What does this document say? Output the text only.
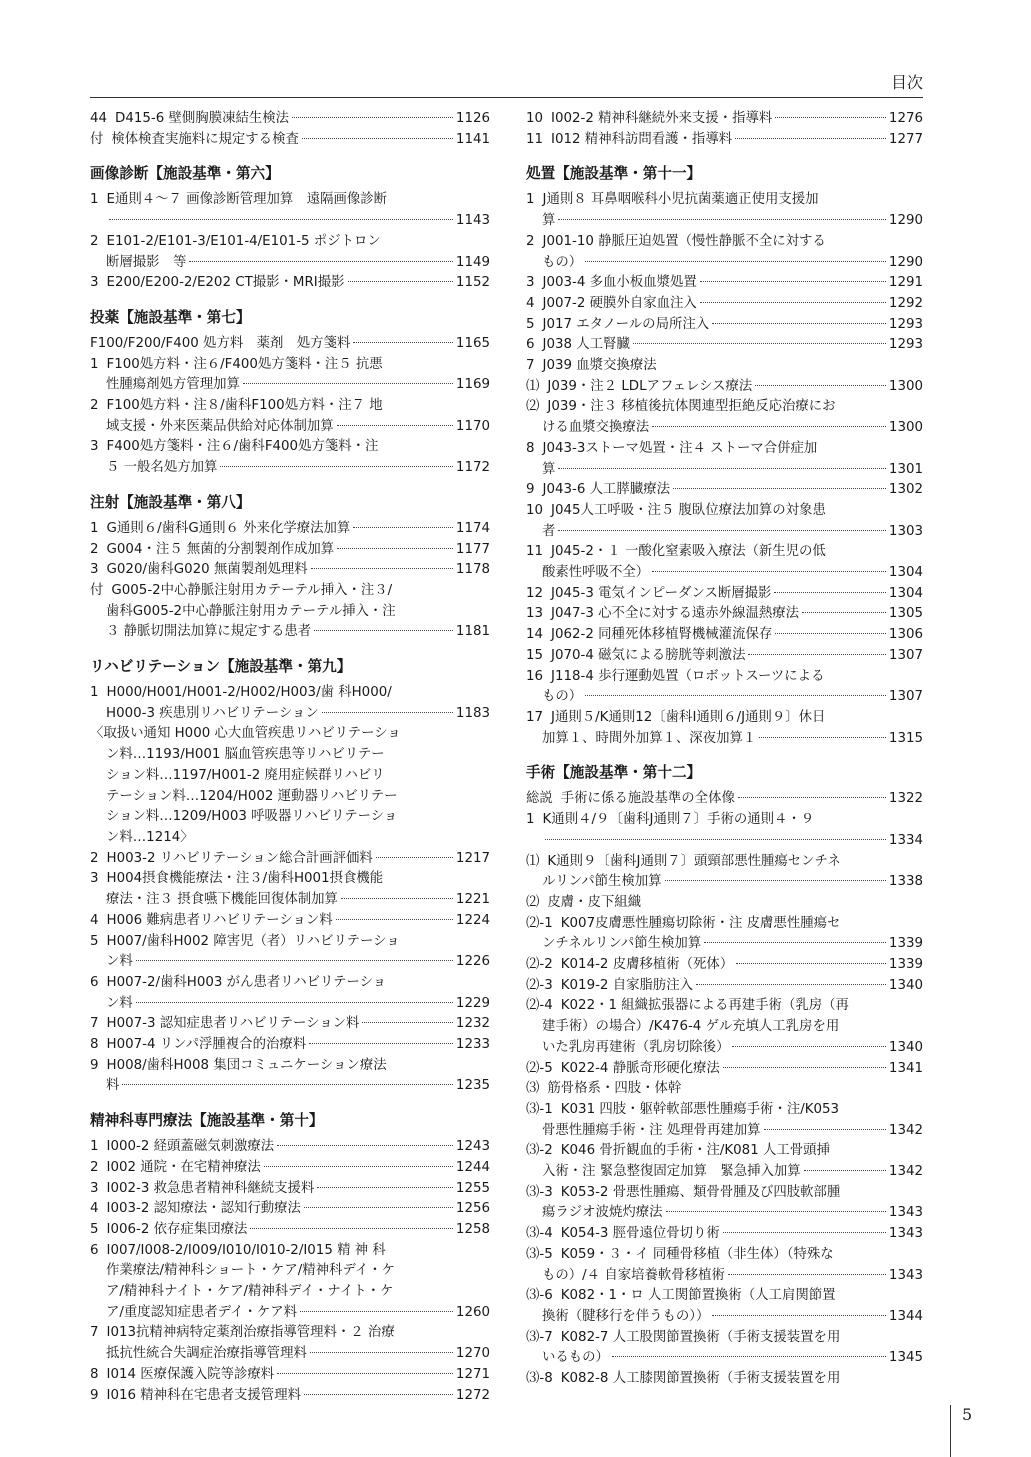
目次
44 D415-6 壁側胸膜凍結生検法	1126
付 検体検査実施料に規定する検査	1141
画像診断【施設基準・第六】
1 E通則４～７ 画像診断管理加算　遠隔画像診断
1143
2 E101-2/E101-3/E101-4/E101-5 ポジトロン
断層撮影　等	1149
3 E200/E200-2/E202 CT撮影・MRI撮影	1152
投薬【施設基準・第七】
F100/F200/F400 処方料　薬剤　処方箋料	1165
1 F100処方料・注６/F400処方箋料・注５ 抗悪
性腫瘍剤処方管理加算	1169
2 F100処方料・注８/歯科F100処方料・注７ 地
域支援・外来医薬品供給対応体制加算	1170
3 F400処方箋料・注６/歯科F400処方箋料・注
５ 一般名処方加算	1172
注射【施設基準・第八】
1 G通則６/歯科G通則６ 外来化学療法加算	1174
2 G004・注５ 無菌的分割製剤作成加算	1177
3 G020/歯科G020 無菌製剤処理料	1178
付 G005-2中心静脈注射用カテーテル挿入・注３/
歯科G005-2中心静脈注射用カテーテル挿入・注
３ 静脈切開法加算に規定する患者	1181
リハビリテーション【施設基準・第九】
1 H000/H001/H001-2/H002/H003/歯 科H000/
H000-3 疾患別リハビリテーション	1183
〈取扱い通知 H000 心大血管疾患リハビリテーショ
ン料…1193/H001 脳血管疾患等リハビリテー
ション料…1197/H001-2 廃用症候群リハビリ
テーション料…1204/H002 運動器リハビリテー
ション料…1209/H003 呼吸器リハビリテーショ
ン料…1214〉
2 H003-2 リハビリテーション総合計画評価料	1217
3 H004摂食機能療法・注３/歯科H001摂食機能
療法・注３ 摂食嚥下機能回復体制加算	1221
4 H006 難病患者リハビリテーション料	1224
5 H007/歯科H002 障害児（者）リハビリテーショ
ン料	1226
6 H007-2/歯科H003 がん患者リハビリテーショ
ン料	1229
7 H007-3 認知症患者リハビリテーション料	1232
8 H007-4 リンパ浮腫複合的治療料	1233
9 H008/歯科H008 集団コミュニケーション療法
料	1235
精神科専門療法【施設基準・第十】
1 I000-2 経頭蓋磁気刺激療法	1243
2 I002 通院・在宅精神療法	1244
3 I002-3 救急患者精神科継続支援料	1255
4 I003-2 認知療法・認知行動療法	1256
5 I006-2 依存症集団療法	1258
6 I007/I008-2/I009/I010/I010-2/I015 精 神 科
作業療法/精神科ショート・ケア/精神科デイ・ケ
ア/精神科ナイト・ケア/精神科デイ・ナイト・ケ
ア/重度認知症患者デイ・ケア料	1260
7 I013抗精神病特定薬剤治療指導管理料・２ 治療
抵抗性統合失調症治療指導管理料	1270
8 I014 医療保護入院等診療料	1271
9 I016 精神科在宅患者支援管理料	1272
10 I002-2 精神科継続外来支援・指導料	1276
11 I012 精神科訪問看護・指導料	1277
処置【施設基準・第十一】
1 J通則８ 耳鼻咽喉科小児抗菌薬適正使用支援加
算	1290
2 J001-10 静脈圧迫処置（慢性静脈不全に対する
もの）	1290
3 J003-4 多血小板血漿処置	1291
4 J007-2 硬膜外自家血注入	1292
5 J017 エタノールの局所注入	1293
6 J038 人工腎臓	1293
7 J039 血漿交換療法
⑴ J039・注２ LDLアフェレシス療法	1300
⑵ J039・注３ 移植後抗体関連型拒絶反応治療にお
ける血漿交換療法	1300
8 J043-3ストーマ処置・注４ ストーマ合併症加
算	1301
9 J043-6 人工膵臓療法	1302
10 J045人工呼吸・注５ 腹臥位療法加算の対象患
者	1303
11 J045-2・１ 一酸化窒素吸入療法（新生児の低
酸素性呼吸不全）	1304
12 J045-3 電気インピーダンス断層撮影	1304
13 J047-3 心不全に対する遠赤外線温熱療法	1305
14 J062-2 同種死体移植腎機械灌流保存	1306
15 J070-4 磁気による膀胱等刺激法	1307
16 J118-4 歩行運動処置（ロボットスーツによる
もの）	1307
17 J通則５/K通則12〔歯科I通則６/J通則９〕休日
加算１、時間外加算１、深夜加算１	1315
手術【施設基準・第十二】
総説 手術に係る施設基準の全体像	1322
1 K通則４/９〔歯科J通則７〕手術の通則４・９
1334
⑴ K通則９〔歯科J通則７〕頭頸部悪性腫瘍センチネ
ルリンパ節生検加算	1338
⑵ 皮膚・皮下組織
⑵-1 K007皮膚悪性腫瘍切除術・注 皮膚悪性腫瘍セ
ンチネルリンパ節生検加算	1339
⑵-2 K014-2 皮膚移植術（死体）	1339
⑵-3 K019-2 自家脂肪注入	1340
⑵-4 K022・1 組織拡張器による再建手術（乳房（再
建手術）の場合）/K476-4 ゲル充填人工乳房を用
いた乳房再建術（乳房切除後）	1340
⑵-5 K022-4 静脈奇形硬化療法	1341
⑶ 筋骨格系・四肢・体幹
⑶-1 K031 四肢・躯幹軟部悪性腫瘍手術・注/K053
骨悪性腫瘍手術・注 処理骨再建加算	1342
⑶-2 K046 骨折観血的手術・注/K081 人工骨頭挿
入術・注 緊急整復固定加算　緊急挿入加算	1342
⑶-3 K053-2 骨悪性腫瘍、類骨骨腫及び四肢軟部腫
瘍ラジオ波焼灼療法	1343
⑶-4 K054-3 脛骨遠位骨切り術	1343
⑶-5 K059・３・イ 同種骨移植（非生体）（特殊な
もの）/４ 自家培養軟骨移植術	1343
⑶-6 K082・1・ロ 人工関節置換術（人工肩関節置
換術（腱移行を伴うもの））	1344
⑶-7 K082-7 人工股関節置換術（手術支援装置を用
いるもの）	1345
⑶-8 K082-8 人工膝関節置換術（手術支援装置を用
5
